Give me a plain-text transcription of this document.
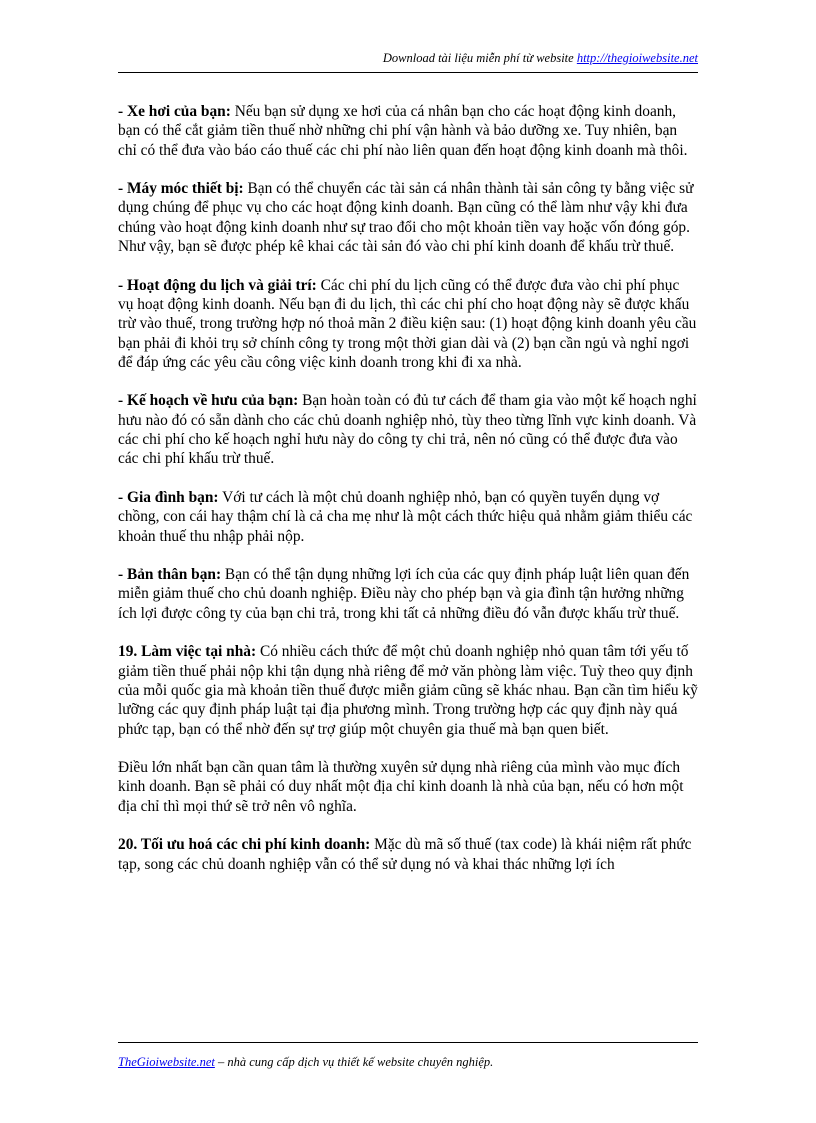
Download tài liệu miễn phí từ website http://thegioiwebsite.net

- Xe hơi của bạn: Nếu bạn sử dụng xe hơi của cá nhân bạn cho các hoạt động kinh doanh, bạn có thể cắt giảm tiền thuế nhờ những chi phí vận hành và bảo dưỡng xe. Tuy nhiên, bạn chỉ có thể đưa vào báo cáo thuế các chi phí nào liên quan đến hoạt động kinh doanh mà thôi.

- Máy móc thiết bị: Bạn có thể chuyển các tài sản cá nhân thành tài sản công ty bằng việc sử dụng chúng để phục vụ cho các hoạt động kinh doanh. Bạn cũng có thể làm như vậy khi đưa chúng vào hoạt động kinh doanh như sự trao đổi cho một khoản tiền vay hoặc vốn đóng góp. Như vậy, bạn sẽ được phép kê khai các tài sản đó vào chi phí kinh doanh để khấu trừ thuế.

- Hoạt động du lịch và giải trí: Các chi phí du lịch cũng có thể được đưa vào chi phí phục vụ hoạt động kinh doanh. Nếu bạn đi du lịch, thì các chi phí cho hoạt động này sẽ được khấu trừ vào thuế, trong trường hợp nó thoả mãn 2 điều kiện sau: (1) hoạt động kinh doanh yêu cầu bạn phải đi khỏi trụ sở chính công ty trong một thời gian dài và (2) bạn cần ngủ và nghỉ ngơi để đáp ứng các yêu cầu công việc kinh doanh trong khi đi xa nhà.

- Kế hoạch về hưu của bạn: Bạn hoàn toàn có đủ tư cách để tham gia vào một kế hoạch nghỉ hưu nào đó có sẵn dành cho các chủ doanh nghiệp nhỏ, tùy theo từng lĩnh vực kinh doanh. Và các chi phí cho kế hoạch nghỉ hưu này do công ty chi trả, nên nó cũng có thể được đưa vào các chi phí khấu trừ thuế.

- Gia đình bạn: Với tư cách là một chủ doanh nghiệp nhỏ, bạn có quyền tuyển dụng vợ chồng, con cái hay thậm chí là cả cha mẹ như là một cách thức hiệu quả nhằm giảm thiểu các khoản thuế thu nhập phải nộp.

- Bản thân bạn: Bạn có thể tận dụng những lợi ích của các quy định pháp luật liên quan đến miễn giảm thuế cho chủ doanh nghiệp. Điều này cho phép bạn và gia đình tận hưởng những ích lợi được công ty của bạn chi trả, trong khi tất cả những điều đó vẫn được khấu trừ thuế.

19. Làm việc tại nhà: Có nhiều cách thức để một chủ doanh nghiệp nhỏ quan tâm tới yếu tố giảm tiền thuế phải nộp khi tận dụng nhà riêng để mở văn phòng làm việc. Tuỳ theo quy định của mỗi quốc gia mà khoản tiền thuế được miễn giảm cũng sẽ khác nhau. Bạn cần tìm hiểu kỹ lưỡng các quy định pháp luật tại địa phương mình. Trong trường hợp các quy định này quá phức tạp, bạn có thể nhờ đến sự trợ giúp một chuyên gia thuế mà bạn quen biết.

Điều lớn nhất bạn cần quan tâm là thường xuyên sử dụng nhà riêng của mình vào mục đích kinh doanh. Bạn sẽ phải có duy nhất một địa chỉ kinh doanh là nhà của bạn, nếu có hơn một địa chỉ thì mọi thứ sẽ trở nên vô nghĩa.

20. Tối ưu hoá các chi phí kinh doanh: Mặc dù mã số thuế (tax code) là khái niệm rất phức tạp, song các chủ doanh nghiệp vẫn có thể sử dụng nó và khai thác những lợi ích

TheGioiwebsite.net – nhà cung cấp dịch vụ thiết kế website chuyên nghiệp.
